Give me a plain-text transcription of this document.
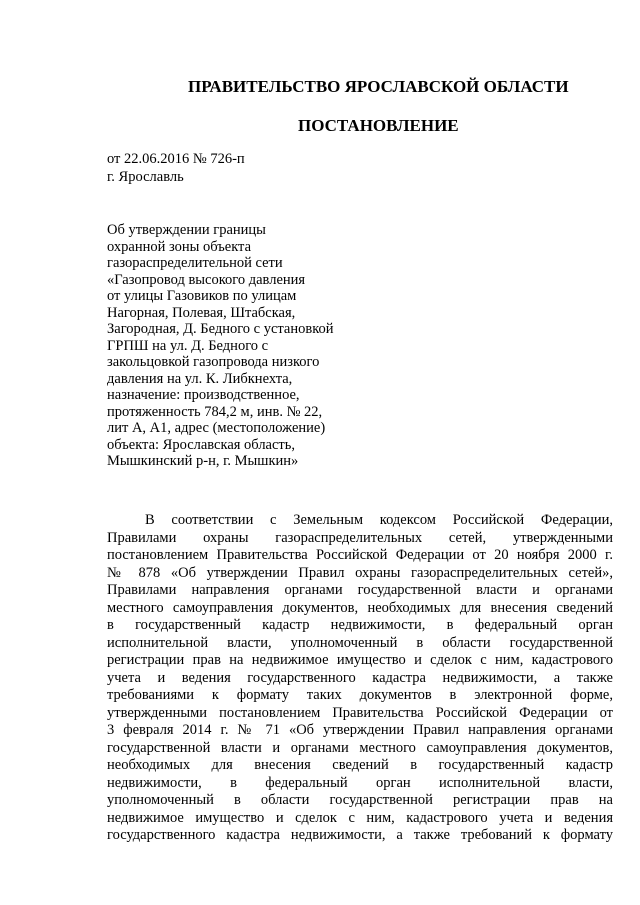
ПРАВИТЕЛЬСТВО ЯРОСЛАВСКОЙ ОБЛАСТИ
ПОСТАНОВЛЕНИЕ
от 22.06.2016 № 726-п
г. Ярославль
Об утверждении границы
охранной зоны объекта
газораспределительной сети
«Газопровод высокого давления
от улицы Газовиков по улицам
Нагорная, Полевая, Штабская,
Загородная, Д. Бедного с установкой
ГРПШ на ул. Д. Бедного с
закольцовкой газопровода низкого
давления на ул. К. Либкнехта,
назначение: производственное,
протяженность 784,2 м, инв. № 22,
лит А, А1, адрес (местоположение)
объекта: Ярославская область,
Мышкинский р-н, г. Мышкин»
В соответствии с Земельным кодексом Российской Федерации,
Правилами охраны газораспределительных сетей, утвержденными
постановлением Правительства Российской Федерации от 20 ноября 2000 г.
№ 878 «Об утверждении Правил охраны газораспределительных сетей»,
Правилами направления органами государственной власти и органами
местного самоуправления документов, необходимых для внесения сведений
в государственный кадастр недвижимости, в федеральный орган
исполнительной власти, уполномоченный в области государственной
регистрации прав на недвижимое имущество и сделок с ним, кадастрового
учета и ведения государственного кадастра недвижимости, а также
требованиями к формату таких документов в электронной форме,
утвержденными постановлением Правительства Российской Федерации от
3 февраля 2014 г. № 71 «Об утверждении Правил направления органами
государственной власти и органами местного самоуправления документов,
необходимых для внесения сведений в государственный кадастр
недвижимости, в федеральный орган исполнительной власти,
уполномоченный в области государственной регистрации прав на
недвижимое имущество и сделок с ним, кадастрового учета и ведения
государственного кадастра недвижимости, а также требований к формату
